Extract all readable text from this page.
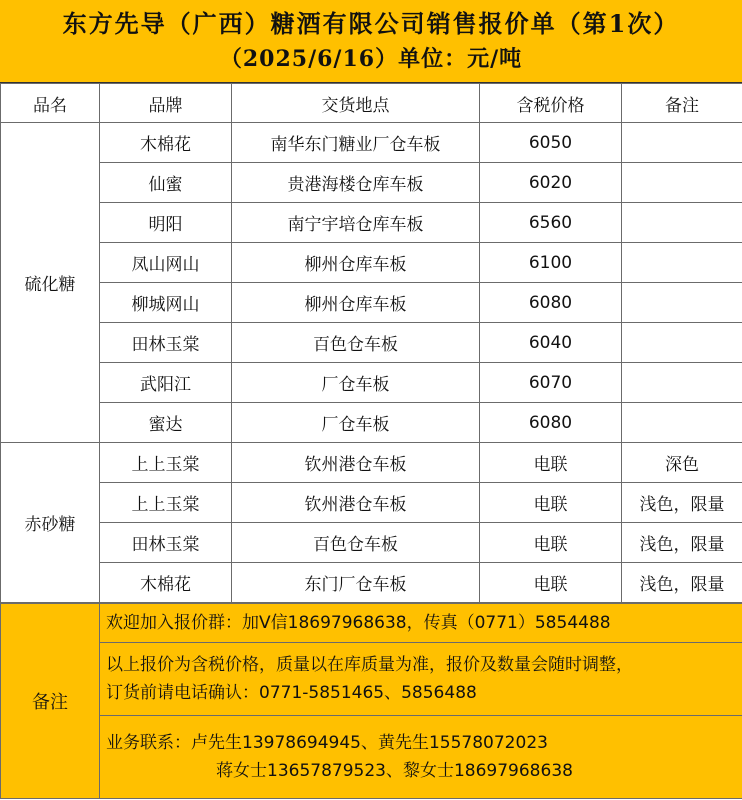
东方先导（广西）糖酒有限公司销售报价单（第1次）
（2025/6/16）单位：元/吨
品名	品牌	交货地点	含税价格	备注
硫化糖	木棉花	南华东门糖业厂仓车板	6050	
	仙蜜	贵港海楼仓库车板	6020	
	明阳	南宁宇培仓库车板	6560	
	凤山网山	柳州仓库车板	6100	
	柳城网山	柳州仓库车板	6080	
	田林玉棠	百色仓车板	6040	
	武阳江	厂仓车板	6070	
	蜜达	厂仓车板	6080	
赤砂糖	上上玉棠	钦州港仓车板	电联	深色
	上上玉棠	钦州港仓车板	电联	浅色，限量
	田林玉棠	百色仓车板	电联	浅色，限量
	木棉花	东门厂仓车板	电联	浅色，限量
备注	欢迎加入报价群：加V信18697968638，传真（0771）5854488
以上报价为含税价格，质量以在库质量为准，报价及数量会随时调整，
订货前请电话确认：0771-5851465、5856488
业务联系：卢先生13978694945、黄先生15578072023

蒋女士13657879523、黎女士18697968638
